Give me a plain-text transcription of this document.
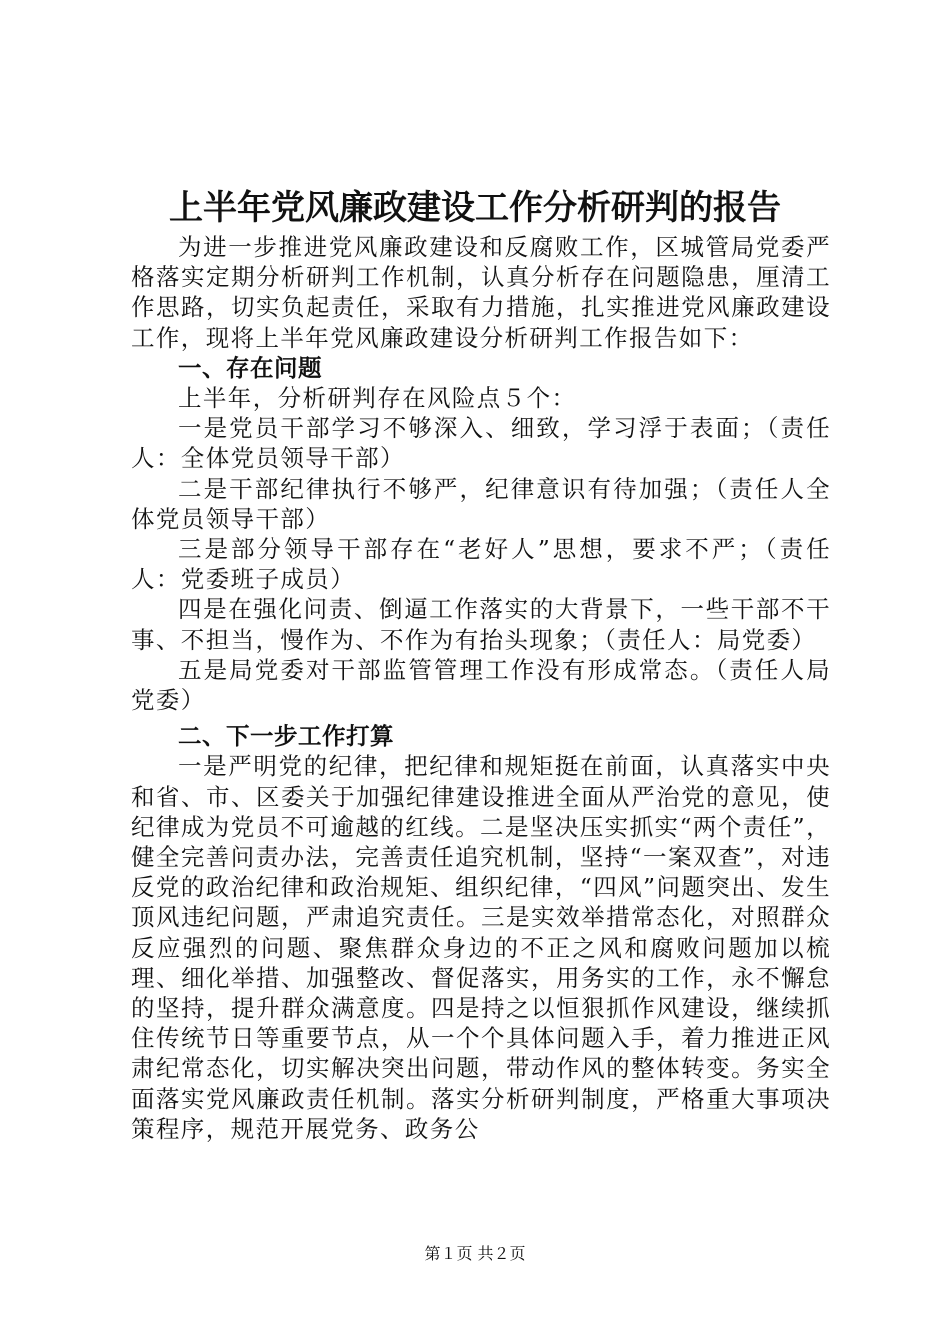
上半年党风廉政建设工作分析研判的报告

为进一步推进党风廉政建设和反腐败工作，区城管局党委严格落实定期分析研判工作机制，认真分析存在问题隐患，厘清工作思路，切实负起责任，采取有力措施，扎实推进党风廉政建设工作，现将上半年党风廉政建设分析研判工作报告如下：

一、存在问题

上半年，分析研判存在风险点５个：

一是党员干部学习不够深入、细致，学习浮于表面；（责任人：全体党员领导干部）

二是干部纪律执行不够严，纪律意识有待加强；（责任人全体党员领导干部）

三是部分领导干部存在“老好人”思想，要求不严；（责任人：党委班子成员）

四是在强化问责、倒逼工作落实的大背景下，一些干部不干事、不担当，慢作为、不作为有抬头现象；（责任人：局党委）

五是局党委对干部监管管理工作没有形成常态。（责任人局党委）

二、下一步工作打算

一是严明党的纪律，把纪律和规矩挺在前面，认真落实中央和省、市、区委关于加强纪律建设推进全面从严治党的意见，使纪律成为党员不可逾越的红线。二是坚决压实抓实“两个责任”，健全完善问责办法，完善责任追究机制，坚持“一案双查”，对违反党的政治纪律和政治规矩、组织纪律，“四风”问题突出、发生顶风违纪问题，严肃追究责任。三是实效举措常态化，对照群众反应强烈的问题、聚焦群众身边的不正之风和腐败问题加以梳理、细化举措、加强整改、督促落实，用务实的工作，永不懈怠的坚持，提升群众满意度。四是持之以恒狠抓作风建设，继续抓住传统节日等重要节点，从一个个具体问题入手，着力推进正风肃纪常态化，切实解决突出问题，带动作风的整体转变。务实全面落实党风廉政责任机制。落实分析研判制度，严格重大事项决策程序，规范开展党务、政务公

第１页 共２页
